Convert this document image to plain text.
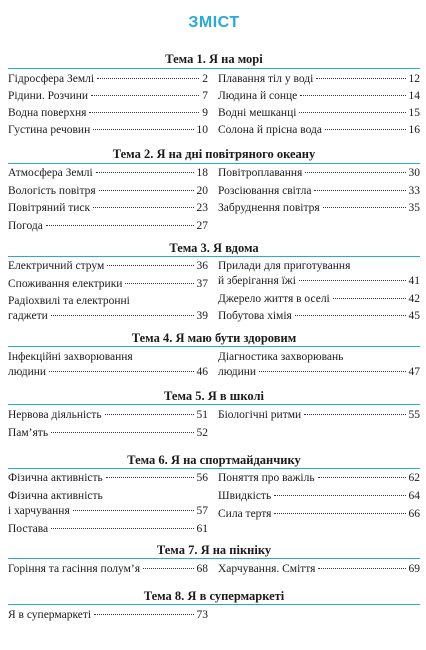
ЗМІСТ
Тема 1. Я на морі
Гідросфера Землі	2
Рідини. Розчини	7
Водна поверхня	9
Густина речовин	10
Плавання тіл у воді	12
Людина й сонце	14
Водні мешканці	15
Солона й прісна вода	16
Тема 2. Я на дні повітряного океану
Атмосфера Землі	18
Вологість повітря	20
Повітряний тиск	23
Погода	27
Повітроплавання	30
Розсіювання світла	33
Забруднення повітря	35
Тема 3. Я вдома
Електричний струм	36
Споживання електрики	37
Радіохвилі та електронні
гаджети	39
Прилади для приготування
й зберігання їжі	41
Джерело життя в оселі	42
Побутова хімія	45
Тема 4. Я маю бути здоровим
Інфекційні захворювання
людини	46
Діагностика захворювань
людини	47
Тема 5. Я в школі
Нервова діяльність	51
Пам’ять	52
Біологічні ритми	55
Тема 6. Я на спортмайданчику
Фізична активність	56
Фізична активність
і харчування	57
Постава	61
Поняття про важіль	62
Швидкість	64
Сила тертя	66
Тема 7. Я на пікніку
Горіння та гасіння полум’я	68 Харчування. Сміття	69
Тема 8. Я в супермаркеті
Я в супермаркеті	73
